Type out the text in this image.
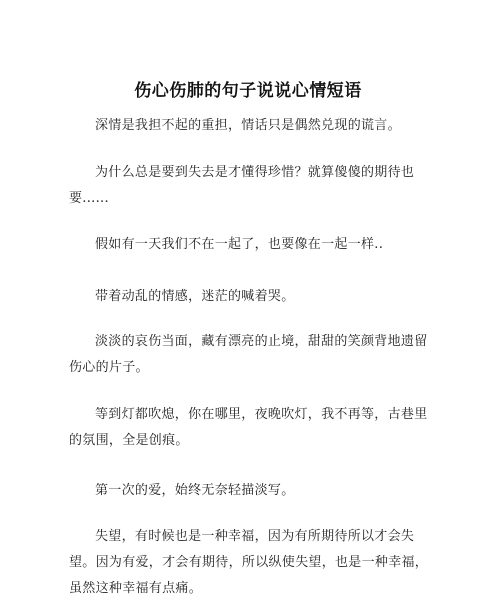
伤心伤肺的句子说说心情短语

深情是我担不起的重担，情话只是偶然兑现的谎言。

为什么总是要到失去是才懂得珍惜？就算傻傻的期待也要......

假如有一天我们不在一起了，也要像在一起一样..

带着动乱的情感，迷茫的喊着哭。

淡淡的哀伤当面，藏有漂亮的止境，甜甜的笑颜背地遗留伤心的片子。

等到灯都吹熄，你在哪里，夜晚吹灯，我不再等，古巷里的氛围，全是创痕。

第一次的爱，始终无奈轻描淡写。

失望，有时候也是一种幸福，因为有所期待所以才会失望。因为有爱，才会有期待，所以纵使失望，也是一种幸福，虽然这种幸福有点痛。
